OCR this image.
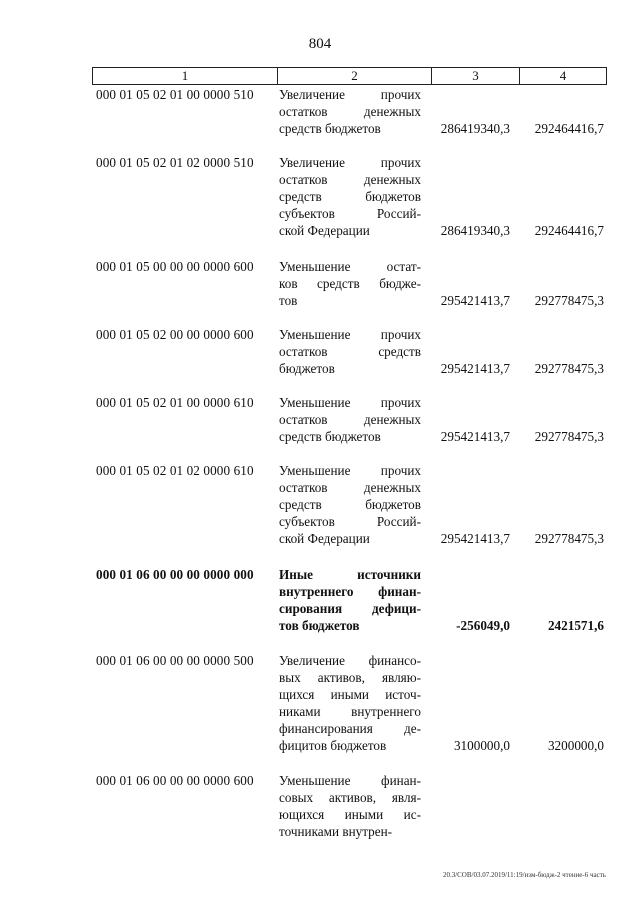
804
1	2	3	4
000 01 05 02 01 00 0000 510 Увеличение прочих
остатков денежных
средств бюджетов	286419340,3	292464416,7
000 01 05 02 01 02 0000 510 Увеличение прочих
остатков денежных
средств бюджетов
субъектов Россий-
ской Федерации	286419340,3	292464416,7
000 01 05 00 00 00 0000 600 Уменьшение остат-
ков средств бюдже-
тов	295421413,7	292778475,3
000 01 05 02 00 00 0000 600 Уменьшение прочих
остатков средств
бюджетов	295421413,7	292778475,3
000 01 05 02 01 00 0000 610 Уменьшение прочих
остатков денежных
средств бюджетов	295421413,7	292778475,3
000 01 05 02 01 02 0000 610 Уменьшение прочих
остатков денежных
средств бюджетов
субъектов Россий-
ской Федерации	295421413,7	292778475,3
000 01 06 00 00 00 0000 000 Иные источники
внутреннего финан-
сирования дефици-
тов бюджетов	-256049,0	2421571,6
000 01 06 00 00 00 0000 500 Увеличение финансо-
вых активов, являю-
щихся иными источ-
никами внутреннего
финансирования де-
фицитов бюджетов	3100000,0	3200000,0
000 01 06 00 00 00 0000 600 Уменьшение финан-
совых активов, явля-
ющихся иными ис-
точниками внутрен-
20.3/СОВ/03.07.2019/11:19/изм-бюдж-2 чтение-6 часть
